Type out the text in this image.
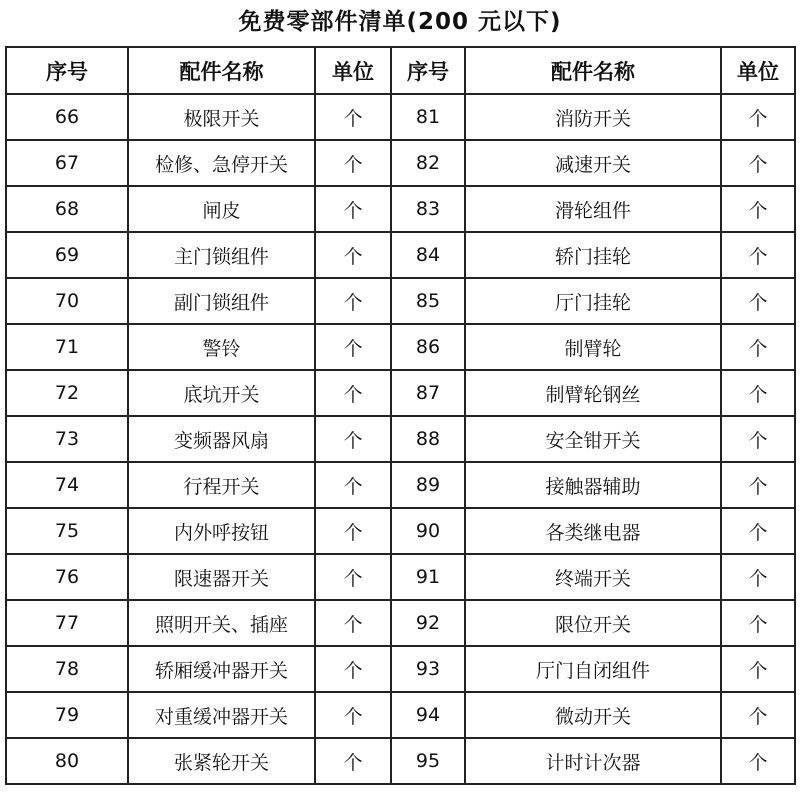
免费零部件清单(200 元以下)
序号	配件名称	单位	序号	配件名称	单位
66	极限开关	个	81	消防开关	个
67	检修、急停开关	个	82	减速开关	个
68	闸皮	个	83	滑轮组件	个
69	主门锁组件	个	84	轿门挂轮	个
70	副门锁组件	个	85	厅门挂轮	个
71	警铃	个	86	制臂轮	个
72	底坑开关	个	87	制臂轮钢丝	个
73	变频器风扇	个	88	安全钳开关	个
74	行程开关	个	89	接触器辅助	个
75	内外呼按钮	个	90	各类继电器	个
76	限速器开关	个	91	终端开关	个
77	照明开关、插座	个	92	限位开关	个
78	轿厢缓冲器开关	个	93	厅门自闭组件	个
79	对重缓冲器开关	个	94	微动开关	个
80	张紧轮开关	个	95	计时计次器	个
